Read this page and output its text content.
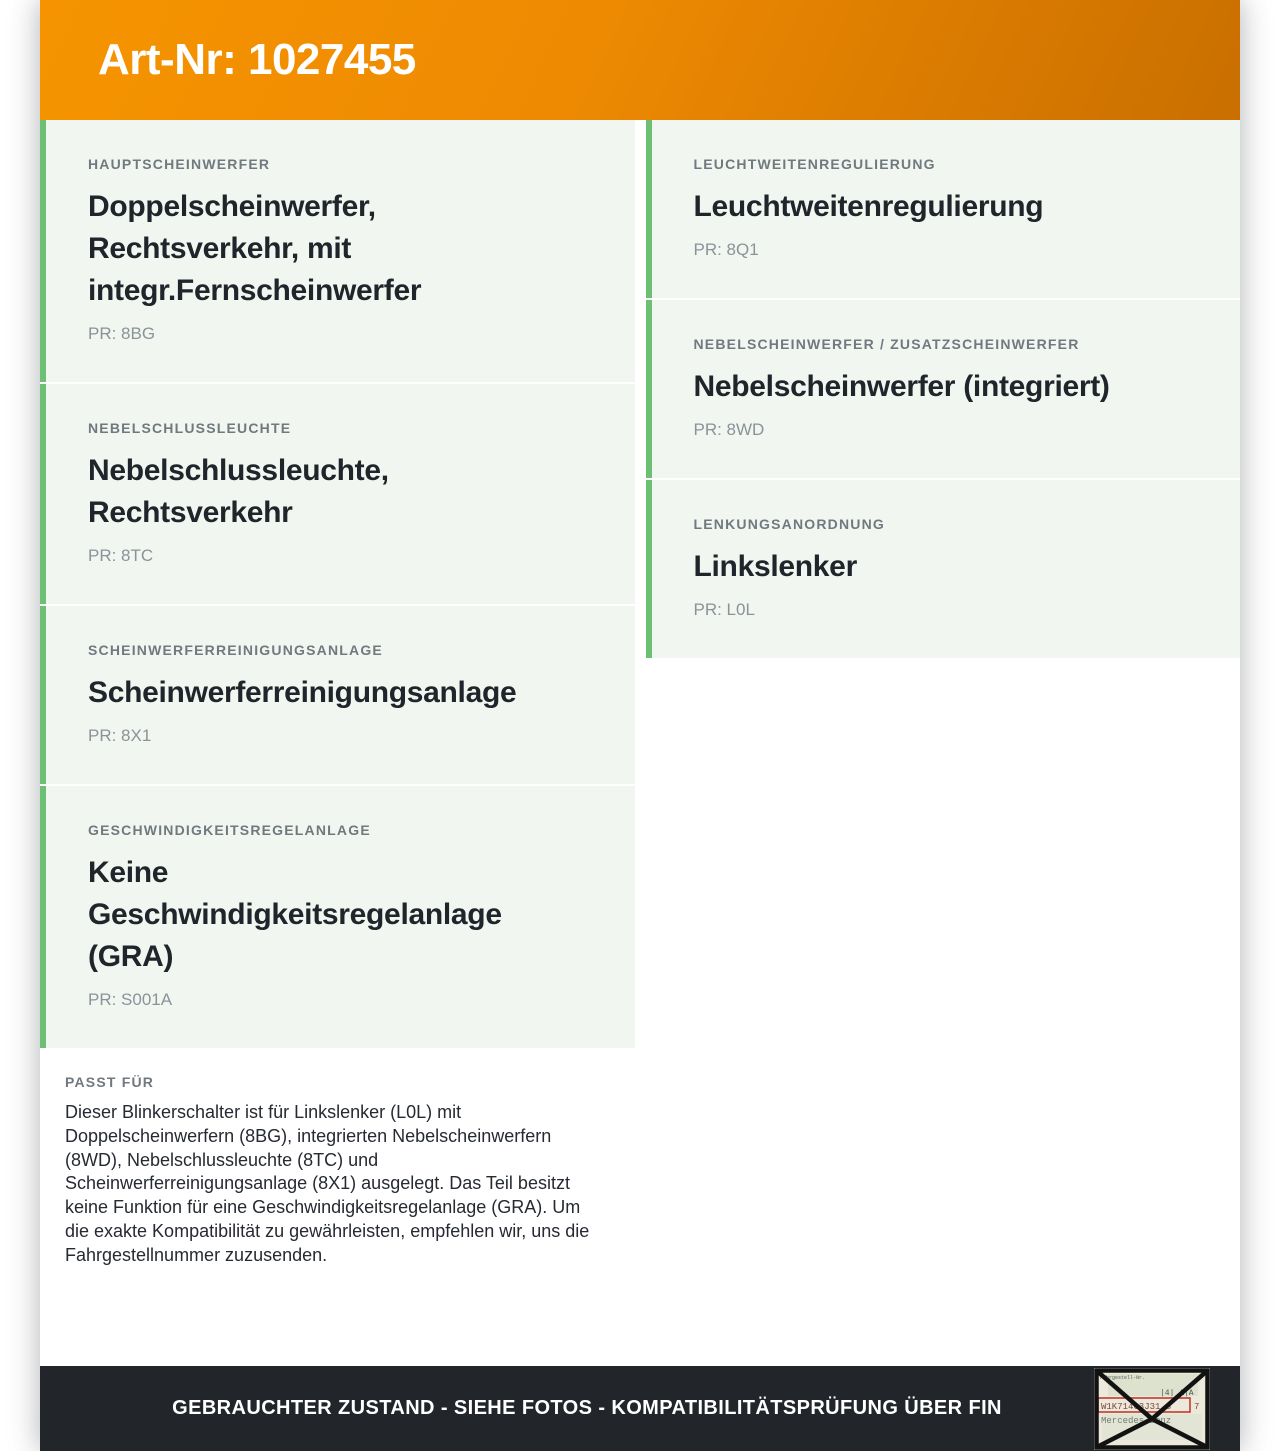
Art-Nr: 1027455
HAUPTSCHEINWERFER
Doppelscheinwerfer, Rechtsverkehr, mit integr.Fernscheinwerfer
PR: 8BG
NEBELSCHLUSSLEUCHTE
Nebelschlussleuchte, Rechtsverkehr
PR: 8TC
SCHEINWERFERREINIGUNGSANLAGE
Scheinwerferreinigungsanlage
PR: 8X1
GESCHWINDIGKEITSREGELANLAGE
Keine Geschwindigkeitsregelanlage (GRA)
PR: S001A
PASST FÜR
Dieser Blinkerschalter ist für Linkslenker (L0L) mit Doppelscheinwerfern (8BG), integrierten Nebelscheinwerfern (8WD), Nebelschlussleuchte (8TC) und Scheinwerferreinigungsanlage (8X1) ausgelegt. Das Teil besitzt keine Funktion für eine Geschwindigkeitsregelanlage (GRA). Um die exakte Kompatibilität zu gewährleisten, empfehlen wir, uns die Fahrgestellnummer zuzusenden.
LEUCHTWEITENREGULIERUNG
Leuchtweitenregulierung
PR: 8Q1
NEBELSCHEINWERFER / ZUSATZSCHEINWERFER
Nebelscheinwerfer (integriert)
PR: 8WD
LENKUNGSANORDNUNG
Linkslenker
PR: L0L
GEBRAUCHTER ZUSTAND - SIEHE FOTOS - KOMPATIBILITÄTSPRÜFUNG ÜBER FIN
Fahrgestell-Nr.
|4| A|A
W1K71463J31 8	7
Mercedes-Benz
